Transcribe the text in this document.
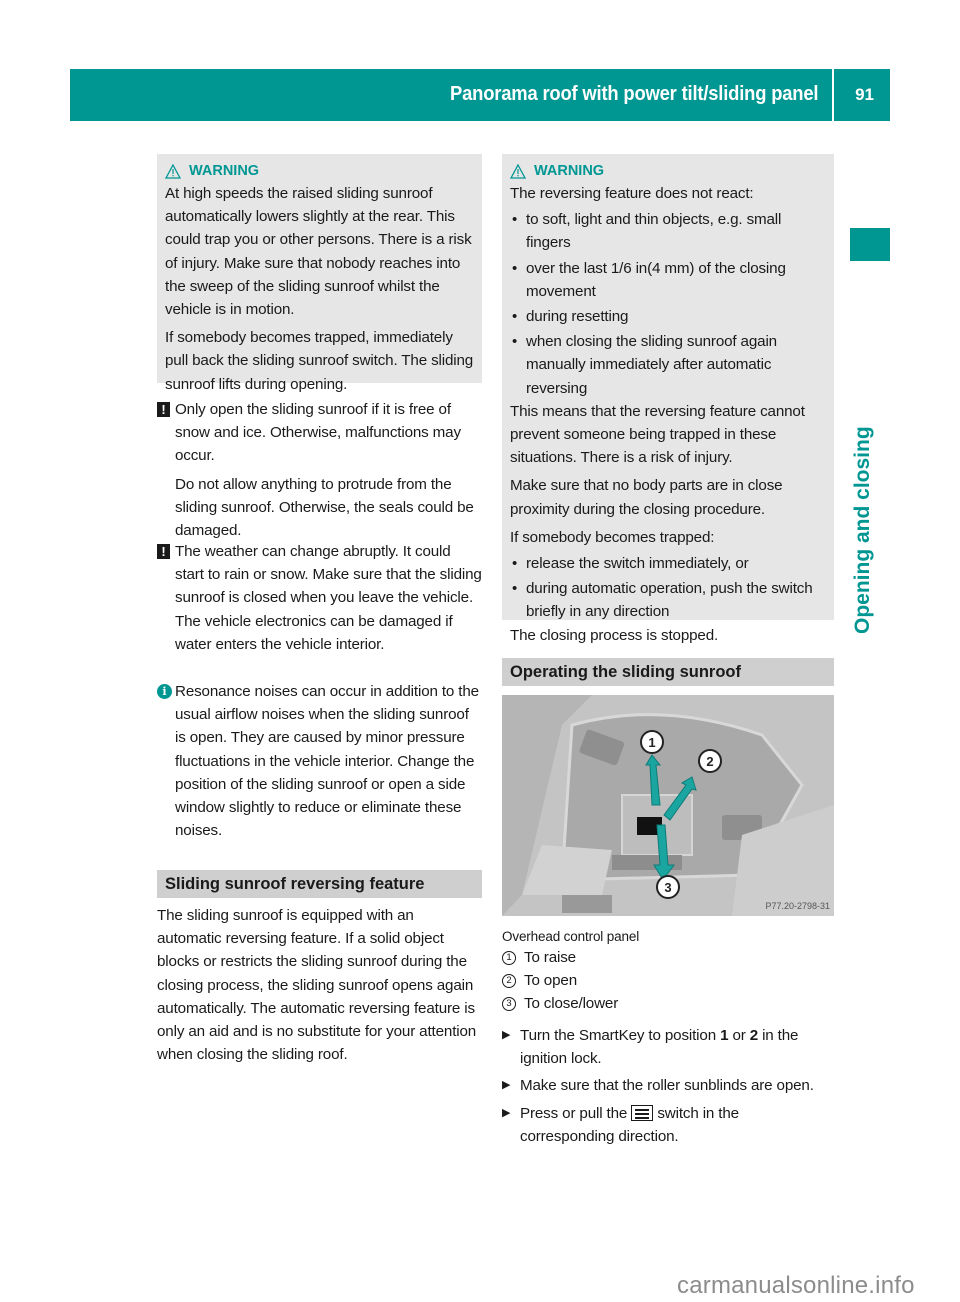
Panorama roof with power tilt/sliding panel 91
Opening and closing
WARNING

At high speeds the raised sliding sunroof automatically lowers slightly at the rear. This could trap you or other persons. There is a risk of injury. Make sure that nobody reaches into the sweep of the sliding sunroof whilst the vehicle is in motion.

If somebody becomes trapped, immediately pull back the sliding sunroof switch. The sliding sunroof lifts during opening.

! Only open the sliding sunroof if it is free of snow and ice. Otherwise, malfunctions may occur.

Do not allow anything to protrude from the sliding sunroof. Otherwise, the seals could be damaged.

! The weather can change abruptly. It could start to rain or snow. Make sure that the sliding sunroof is closed when you leave the vehicle. The vehicle electronics can be damaged if water enters the vehicle interior.

i Resonance noises can occur in addition to the usual airflow noises when the sliding sunroof is open. They are caused by minor pressure fluctuations in the vehicle interior. Change the position of the sliding sunroof or open a side window slightly to reduce or eliminate these noises.

Sliding sunroof reversing feature

The sliding sunroof is equipped with an automatic reversing feature. If a solid object blocks or restricts the sliding sunroof during the closing process, the sliding sunroof opens again automatically. The automatic reversing feature is only an aid and is no substitute for your attention when closing the sliding roof.

WARNING

The reversing feature does not react:

• to soft, light and thin objects, e.g. small fingers
• over the last 1/6 in(4 mm) of the closing movement
• during resetting
• when closing the sliding sunroof again manually immediately after automatic reversing

This means that the reversing feature cannot prevent someone being trapped in these situations. There is a risk of injury.

Make sure that no body parts are in close proximity during the closing procedure.

If somebody becomes trapped:

• release the switch immediately, or
• during automatic operation, push the switch briefly in any direction

The closing process is stopped.

Operating the sliding sunroof
1
2
3
P77.20-2798-31

Overhead control panel

1 To raise
2 To open
3 To close/lower
▶ Turn the SmartKey to position 1 or 2 in the ignition lock.
▶ Make sure that the roller sunblinds are open.
▶ Press or pull the
switch in the corresponding direction.
carmanualsonline.info
